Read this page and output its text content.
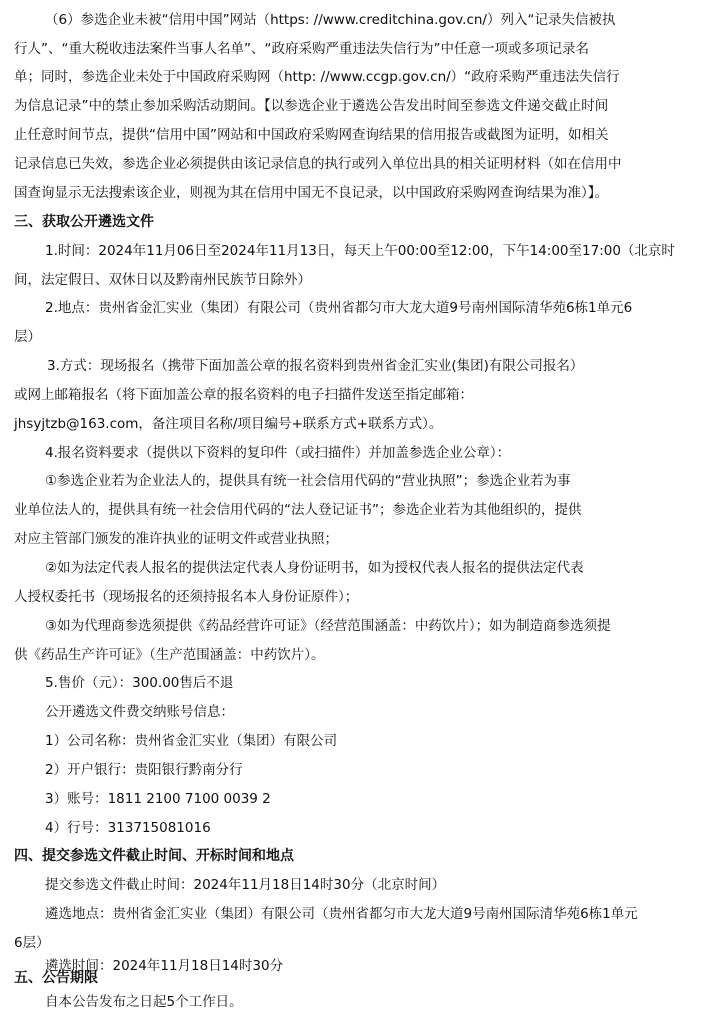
（6）参选企业未被“信用中国”网站（https: //www.creditchina.gov.cn/）列入“记录失信被执
行人”、“重大税收违法案件当事人名单”、“政府采购严重违法失信行为”中任意一项或多项记录名
单；同时，参选企业未处于中国政府采购网（http: //www.ccgp.gov.cn/）“政府采购严重违法失信行
为信息记录”中的禁止参加采购活动期间。【以参选企业于遴选公告发出时间至参选文件递交截止时间
止任意时间节点，提供“信用中国”网站和中国政府采购网查询结果的信用报告或截图为证明，如相关
记录信息已失效，参选企业必须提供由该记录信息的执行或列入单位出具的相关证明材料（如在信用中
国查询显示无法搜索该企业，则视为其在信用中国无不良记录，以中国政府采购网查询结果为准）】。
三、获取公开遴选文件
1.时间：2024年11月06日至2024年11月13日，每天上午00:00至12:00，下午14:00至17:00（北京时
间，法定假日、双休日以及黔南州民族节日除外）
2.地点：贵州省金汇实业（集团）有限公司（贵州省都匀市大龙大道9号南州国际清华苑6栋1单元6
层）
3.方式：现场报名（携带下面加盖公章的报名资料到贵州省金汇实业(集团)有限公司报名）
或网上邮箱报名（将下面加盖公章的报名资料的电子扫描件发送至指定邮箱：
jhsyjtzb@163.com，备注项目名称/项目编号+联系方式+联系方式）。
4.报名资料要求（提供以下资料的复印件（或扫描件）并加盖参选企业公章）：
①参选企业若为企业法人的，提供具有统一社会信用代码的“营业执照”；参选企业若为事
业单位法人的，提供具有统一社会信用代码的“法人登记证书”；参选企业若为其他组织的，提供
对应主管部门颁发的准许执业的证明文件或营业执照；
②如为法定代表人报名的提供法定代表人身份证明书，如为授权代表人报名的提供法定代表
人授权委托书（现场报名的还须持报名本人身份证原件）；
③如为代理商参选须提供《药品经营许可证》（经营范围涵盖：中药饮片）；如为制造商参选须提
供《药品生产许可证》（生产范围涵盖：中药饮片）。
5.售价（元）：300.00售后不退
公开遴选文件费交纳账号信息：
1）公司名称：贵州省金汇实业（集团）有限公司
2）开户银行：贵阳银行黔南分行
3）账号：1811 2100 7100 0039 2
4）行号：313715081016
四、提交参选文件截止时间、开标时间和地点
提交参选文件截止时间：2024年11月18日14时30分（北京时间）
遴选地点：贵州省金汇实业（集团）有限公司（贵州省都匀市大龙大道9号南州国际清华苑6栋1单元
6层）
遴选时间：2024年11月18日14时30分
五、公告期限
自本公告发布之日起5个工作日。
